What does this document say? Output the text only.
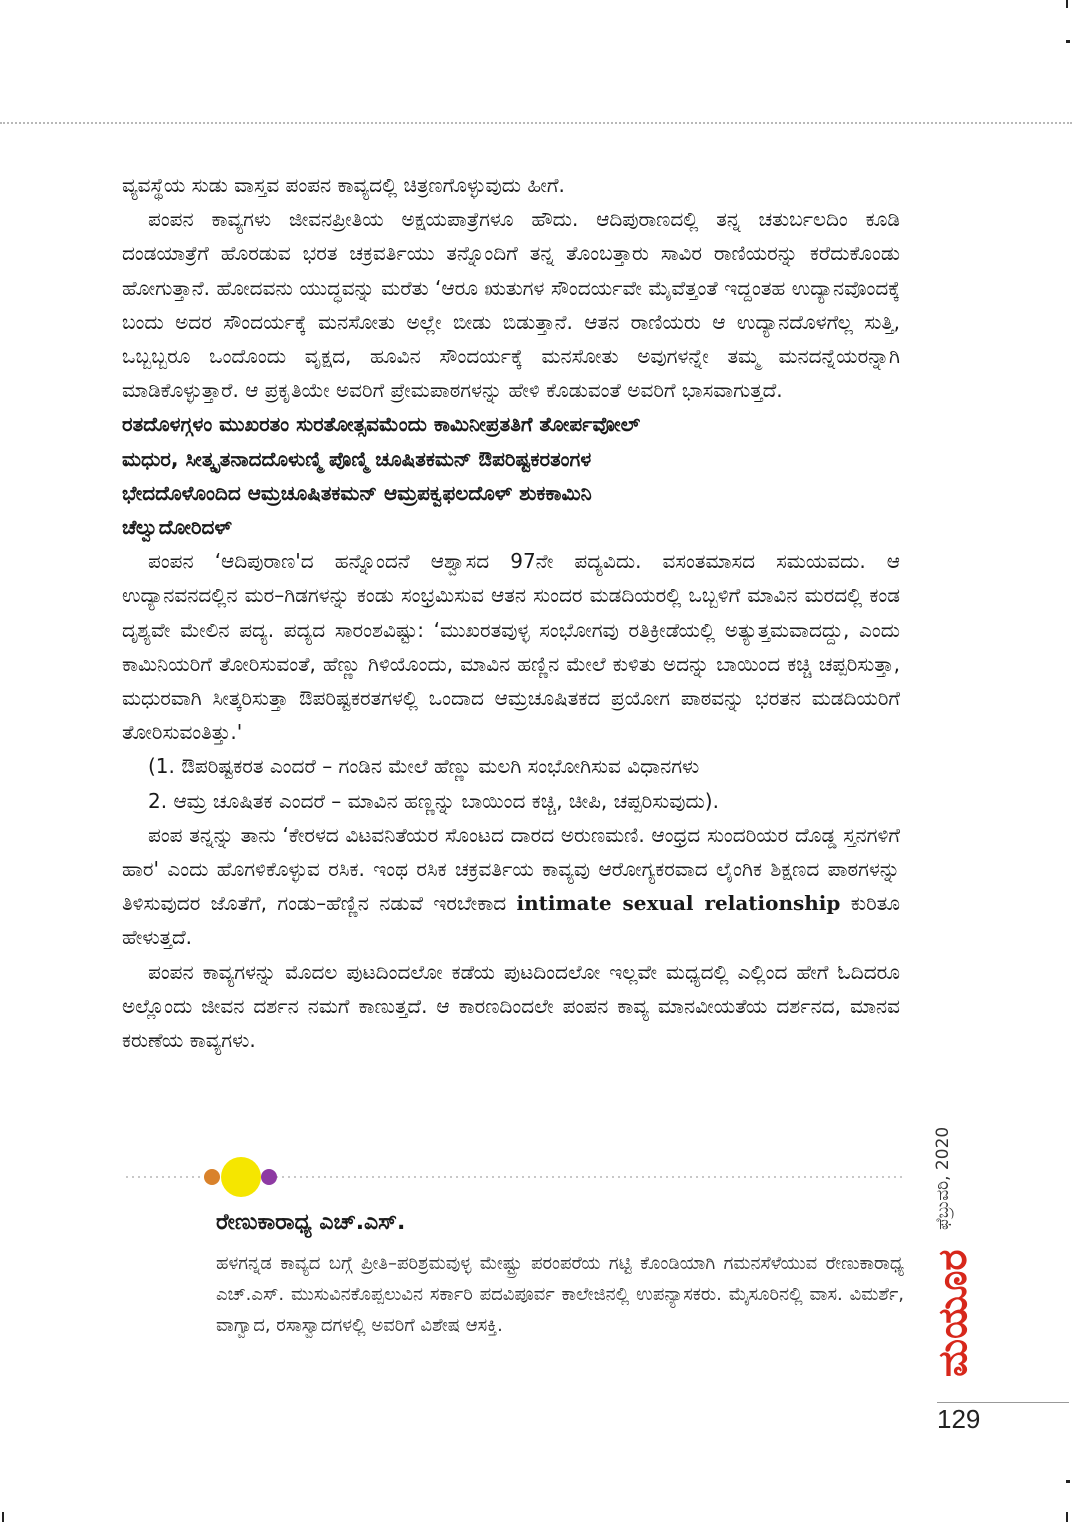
ವ್ಯವಸ್ಥೆಯ ಸುಡು ವಾಸ್ತವ ಪಂಪನ ಕಾವ್ಯದಲ್ಲಿ ಚಿತ್ರಣಗೊಳ್ಳುವುದು ಹೀಗೆ.

ಪಂಪನ ಕಾವ್ಯಗಳು ಜೀವನಪ್ರೀತಿಯ ಅಕ್ಷಯಪಾತ್ರೆಗಳೂ ಹೌದು. ಆದಿಪುರಾಣದಲ್ಲಿ ತನ್ನ ಚತುರ್ಬಲದಿಂ ಕೂಡಿ ದಂಡಯಾತ್ರೆಗೆ ಹೊರಡುವ ಭರತ ಚಕ್ರವರ್ತಿಯು ತನ್ನೊಂದಿಗೆ ತನ್ನ ತೊಂಬತ್ತಾರು ಸಾವಿರ ರಾಣಿಯರನ್ನು ಕರೆದುಕೊಂಡು ಹೋಗುತ್ತಾನೆ. ಹೋದವನು ಯುದ್ಧವನ್ನು ಮರೆತು ‘ಆರೂ ಋತುಗಳ ಸೌಂದರ್ಯವೇ ಮೈವೆತ್ತಂತೆ ಇದ್ದಂತಹ ಉದ್ಯಾನವೊಂದಕ್ಕೆ ಬಂದು ಅದರ ಸೌಂದರ್ಯಕ್ಕೆ ಮನಸೋತು ಅಲ್ಲೇ ಬೀಡು ಬಿಡುತ್ತಾನೆ. ಆತನ ರಾಣಿಯರು ಆ ಉದ್ಯಾನದೊಳಗೆಲ್ಲ ಸುತ್ತಿ, ಒಬ್ಬಬ್ಬರೂ ಒಂದೊಂದು ವೃಕ್ಷದ, ಹೂವಿನ ಸೌಂದರ್ಯಕ್ಕೆ ಮನಸೋತು ಅವುಗಳನ್ನೇ ತಮ್ಮ ಮನದನ್ನೆಯರನ್ನಾಗಿ ಮಾಡಿಕೊಳ್ಳುತ್ತಾರೆ. ಆ ಪ್ರಕೃತಿಯೇ ಅವರಿಗೆ ಪ್ರೇಮಪಾಠಗಳನ್ನು ಹೇಳಿ ಕೊಡುವಂತೆ ಅವರಿಗೆ ಭಾಸವಾಗುತ್ತದೆ.

ರತದೊಳಗ್ಗಳಂ ಮುಖರತಂ ಸುರತೋತ್ಸವಮೆಂದು ಕಾಮಿನೀಪ್ರತತಿಗೆ ತೋರ್ಪವೋಲ್

ಮಧುರ, ಸೀತ್ಕೃತನಾದದೊಳುಣ್ಮಿ ಪೊಣ್ಮಿ ಚೂಷಿತಕಮನ್ ಔಪರಿಷ್ಟಕರತಂಗಳ

ಭೇದದೊಳೊಂದಿದ ಆಮ್ರಚೂಷಿತಕಮನ್ ಆಮ್ರಪಕ್ವಫಲದೊಳ್ ಶುಕಕಾಮಿನಿ

ಚೆಲ್ವುದೋರಿದಳ್

ಪಂಪನ ‘ಆದಿಪುರಾಣ'ದ ಹನ್ನೊಂದನೆ ಆಶ್ವಾಸದ 97ನೇ ಪದ್ಯವಿದು. ವಸಂತಮಾಸದ ಸಮಯವದು. ಆ ಉದ್ಯಾನವನದಲ್ಲಿನ ಮರ–ಗಿಡಗಳನ್ನು ಕಂಡು ಸಂಭ್ರಮಿಸುವ ಆತನ ಸುಂದರ ಮಡದಿಯರಲ್ಲಿ ಒಬ್ಬಳಿಗೆ ಮಾವಿನ ಮರದಲ್ಲಿ ಕಂಡ ದೃಶ್ಯವೇ ಮೇಲಿನ ಪದ್ಯ. ಪದ್ಯದ ಸಾರಂಶವಿಷ್ಟು: ‘ಮುಖರತವುಳ್ಳ ಸಂಭೋಗವು ರತಿಕ್ರೀಡೆಯಲ್ಲಿ ಅತ್ಯುತ್ತಮವಾದದ್ದು, ಎಂದು ಕಾಮಿನಿಯರಿಗೆ ತೋರಿಸುವಂತೆ, ಹೆಣ್ಣು ಗಿಳಿಯೊಂದು, ಮಾವಿನ ಹಣ್ಣಿನ ಮೇಲೆ ಕುಳಿತು ಅದನ್ನು ಬಾಯಿಂದ ಕಚ್ಚಿ ಚಪ್ಪರಿಸುತ್ತಾ, ಮಧುರವಾಗಿ ಸೀತ್ಕರಿಸುತ್ತಾ ಔಪರಿಷ್ಟಕರತಗಳಲ್ಲಿ ಒಂದಾದ ಆಮ್ರಚೂಷಿತಕದ ಪ್ರಯೋಗ ಪಾಠವನ್ನು ಭರತನ ಮಡದಿಯರಿಗೆ ತೋರಿಸುವಂತಿತ್ತು.'

(1. ಔಪರಿಷ್ಟಕರತ ಎಂದರೆ – ಗಂಡಿನ ಮೇಲೆ ಹೆಣ್ಣು ಮಲಗಿ ಸಂಭೋಗಿಸುವ ವಿಧಾನಗಳು

2. ಆಮ್ರ ಚೂಷಿತಕ ಎಂದರೆ – ಮಾವಿನ ಹಣ್ಣನ್ನು ಬಾಯಿಂದ ಕಚ್ಚಿ, ಚೀಪಿ, ಚಪ್ಪರಿಸುವುದು).

ಪಂಪ ತನ್ನನ್ನು ತಾನು ‘ಕೇರಳದ ವಿಟವನಿತೆಯರ ಸೊಂಟದ ದಾರದ ಅರುಣಮಣಿ. ಆಂಧ್ರದ ಸುಂದರಿಯರ ದೊಡ್ಡ ಸ್ತನಗಳಿಗೆ ಹಾರ' ಎಂದು ಹೊಗಳಿಕೊಳ್ಳುವ ರಸಿಕ. ಇಂಥ ರಸಿಕ ಚಕ್ರವರ್ತಿಯ ಕಾವ್ಯವು ಆರೋಗ್ಯಕರವಾದ ಲೈಂಗಿಕ ಶಿಕ್ಷಣದ ಪಾಠಗಳನ್ನು ತಿಳಿಸುವುದರ ಜೊತೆಗೆ, ಗಂಡು–ಹೆಣ್ಣಿನ ನಡುವೆ ಇರಬೇಕಾದ intimate sexual relationship ಕುರಿತೂ ಹೇಳುತ್ತದೆ.

ಪಂಪನ ಕಾವ್ಯಗಳನ್ನು ಮೊದಲ ಪುಟದಿಂದಲೋ ಕಡೆಯ ಪುಟದಿಂದಲೋ ಇಲ್ಲವೇ ಮಧ್ಯದಲ್ಲಿ ಎಲ್ಲಿಂದ ಹೇಗೆ ಓದಿದರೂ ಅಲ್ಲೊಂದು ಜೀವನ ದರ್ಶನ ನಮಗೆ ಕಾಣುತ್ತದೆ. ಆ ಕಾರಣದಿಂದಲೇ ಪಂಪನ ಕಾವ್ಯ ಮಾನವೀಯತೆಯ ದರ್ಶನದ, ಮಾನವ ಕರುಣೆಯ ಕಾವ್ಯಗಳು.

ರೇಣುಕಾರಾಧ್ಯ ಎಚ್.ಎಸ್.

ಹಳಗನ್ನಡ ಕಾವ್ಯದ ಬಗ್ಗೆ ಪ್ರೀತಿ–ಪರಿಶ್ರಮವುಳ್ಳ ಮೇಷ್ಟ್ರು ಪರಂಪರೆಯ ಗಟ್ಟಿ ಕೊಂಡಿಯಾಗಿ ಗಮನಸೆಳೆಯುವ ರೇಣುಕಾರಾಧ್ಯ ಎಚ್.ಎಸ್. ಮುಸುವಿನಕೊಪ್ಪಲುವಿನ ಸರ್ಕಾರಿ ಪದವಿಪೂರ್ವ ಕಾಲೇಜಿನಲ್ಲಿ ಉಪನ್ಯಾಸಕರು. ಮೈಸೂರಿನಲ್ಲಿ ವಾಸ. ವಿಮರ್ಶೆ, ವಾಗ್ವಾದ, ರಸಾಸ್ವಾದಗಳಲ್ಲಿ ಅವರಿಗೆ ವಿಶೇಷ ಆಸಕ್ತಿ.

ಫೆಬ್ರುವರಿ, 2020
ಮಯೂರ

129
